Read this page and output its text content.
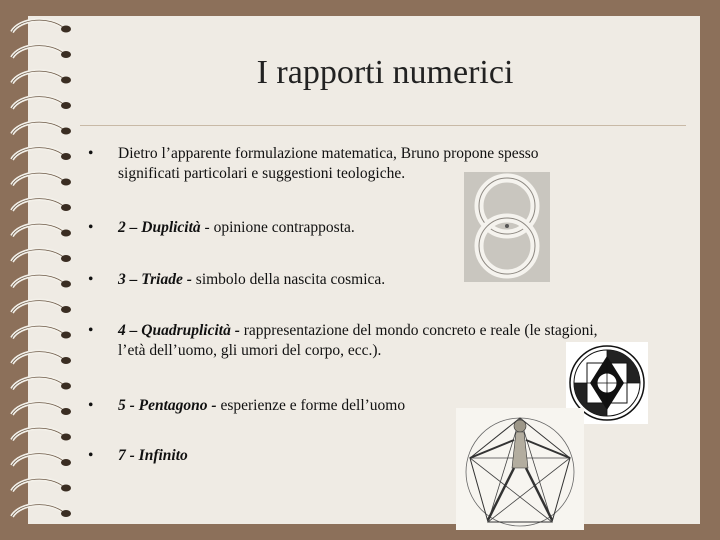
I rapporti numerici
• Dietro l’apparente formulazione matematica, Bruno propone spesso
significati particolari e suggestioni teologiche.
• 2 – Duplicità - opinione contrapposta.
• 3 – Triade - simbolo della nascita cosmica.
• 4 – Quadruplicità - rappresentazione del mondo concreto e reale (le stagioni,
l’età dell’uomo, gli umori del corpo, ecc.).
• 5 - Pentagono - esperienze e forme dell’uomo
• 7 - Infinito
